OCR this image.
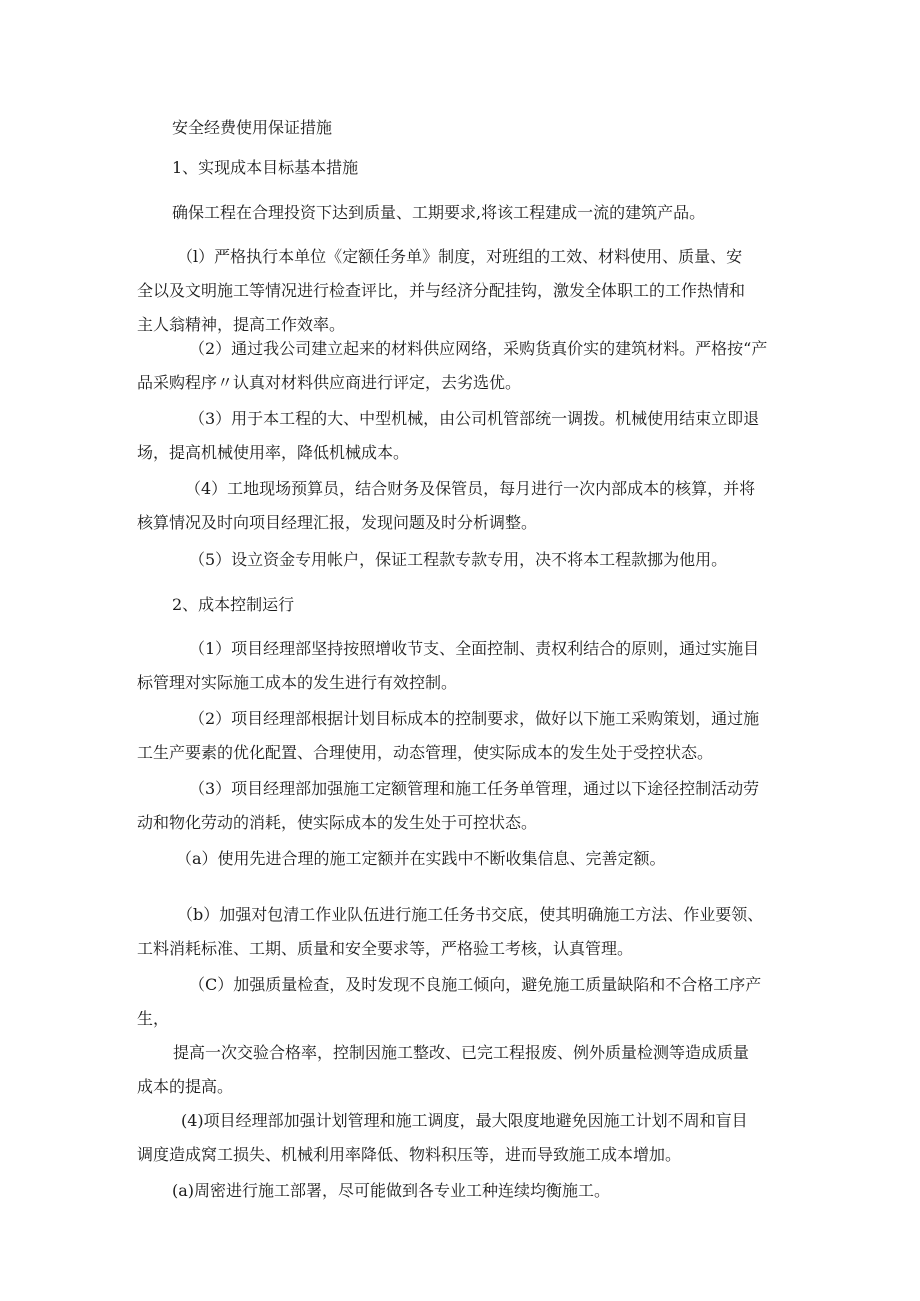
安全经费使用保证措施
1、实现成本目标基本措施
确保工程在合理投资下达到质量、工期要求,将该工程建成一流的建筑产品。
（l）严格执行本单位《定额任务单》制度，对班组的工效、材料使用、质量、安
全以及文明施工等情况进行检查评比，并与经济分配挂钩，激发全体职工的工作热情和
主人翁精神，提高工作效率。
（2）通过我公司建立起来的材料供应网络，采购货真价实的建筑材料。严格按“产
品采购程序〃认真对材料供应商进行评定，去劣选优。
（3）用于本工程的大、中型机械，由公司机管部统一调拨。机械使用结束立即退
场，提高机械使用率，降低机械成本。
（4）工地现场预算员，结合财务及保管员，每月进行一次内部成本的核算，并将
核算情况及时向项目经理汇报，发现问题及时分析调整。
（5）设立资金专用帐户，保证工程款专款专用，决不将本工程款挪为他用。
2、成本控制运行
（1）项目经理部坚持按照增收节支、全面控制、责权利结合的原则，通过实施目
标管理对实际施工成本的发生进行有效控制。
（2）项目经理部根据计划目标成本的控制要求，做好以下施工采购策划，通过施
工生产要素的优化配置、合理使用，动态管理，使实际成本的发生处于受控状态。
（3）项目经理部加强施工定额管理和施工任务单管理，通过以下途径控制活动劳
动和物化劳动的消耗，使实际成本的发生处于可控状态。
（a）使用先进合理的施工定额并在实践中不断收集信息、完善定额。
（b）加强对包清工作业队伍进行施工任务书交底，使其明确施工方法、作业要领、
工料消耗标准、工期、质量和安全要求等，严格验工考核，认真管理。
（C）加强质量检查，及时发现不良施工倾向，避免施工质量缺陷和不合格工序产
生，
提高一次交验合格率，控制因施工整改、已完工程报废、例外质量检测等造成质量
成本的提高。
(4)项目经理部加强计划管理和施工调度，最大限度地避免因施工计划不周和盲目
调度造成窝工损失、机械利用率降低、物料积压等，进而导致施工成本增加。
(a)周密进行施工部署，尽可能做到各专业工种连续均衡施工。
